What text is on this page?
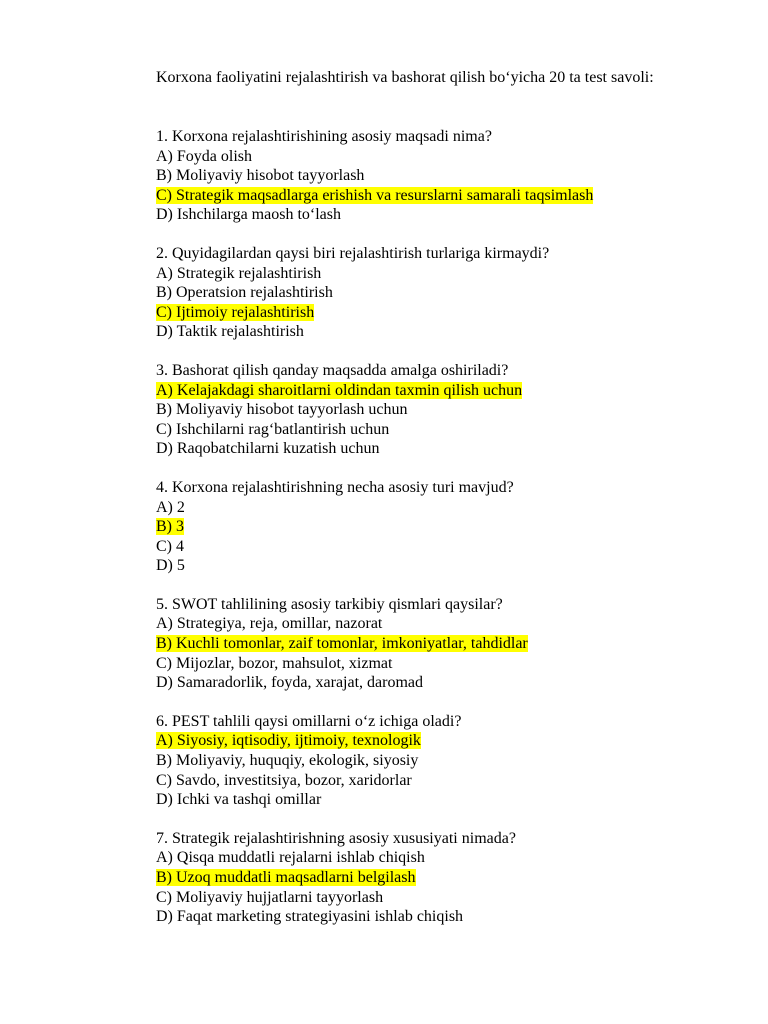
Korxona faoliyatini rejalashtirish va bashorat qilish bo‘yicha 20 ta test savoli:

1. Korxona rejalashtirishining asosiy maqsadi nima?
A) Foyda olish
B) Moliyaviy hisobot tayyorlash
C) Strategik maqsadlarga erishish va resurslarni samarali taqsimlash
D) Ishchilarga maosh to‘lash
2. Quyidagilardan qaysi biri rejalashtirish turlariga kirmaydi?
A) Strategik rejalashtirish
B) Operatsion rejalashtirish
C) Ijtimoiy rejalashtirish
D) Taktik rejalashtirish
3. Bashorat qilish qanday maqsadda amalga oshiriladi?
A) Kelajakdagi sharoitlarni oldindan taxmin qilish uchun
B) Moliyaviy hisobot tayyorlash uchun
C) Ishchilarni rag‘batlantirish uchun
D) Raqobatchilarni kuzatish uchun
4. Korxona rejalashtirishning necha asosiy turi mavjud?
A) 2
B) 3
C) 4
D) 5
5. SWOT tahlilining asosiy tarkibiy qismlari qaysilar?
A) Strategiya, reja, omillar, nazorat
B) Kuchli tomonlar, zaif tomonlar, imkoniyatlar, tahdidlar
C) Mijozlar, bozor, mahsulot, xizmat
D) Samaradorlik, foyda, xarajat, daromad
6. PEST tahlili qaysi omillarni o‘z ichiga oladi?
A) Siyosiy, iqtisodiy, ijtimoiy, texnologik
B) Moliyaviy, huquqiy, ekologik, siyosiy
C) Savdo, investitsiya, bozor, xaridorlar
D) Ichki va tashqi omillar
7. Strategik rejalashtirishning asosiy xususiyati nimada?
A) Qisqa muddatli rejalarni ishlab chiqish
B) Uzoq muddatli maqsadlarni belgilash
C) Moliyaviy hujjatlarni tayyorlash
D) Faqat marketing strategiyasini ishlab chiqish
